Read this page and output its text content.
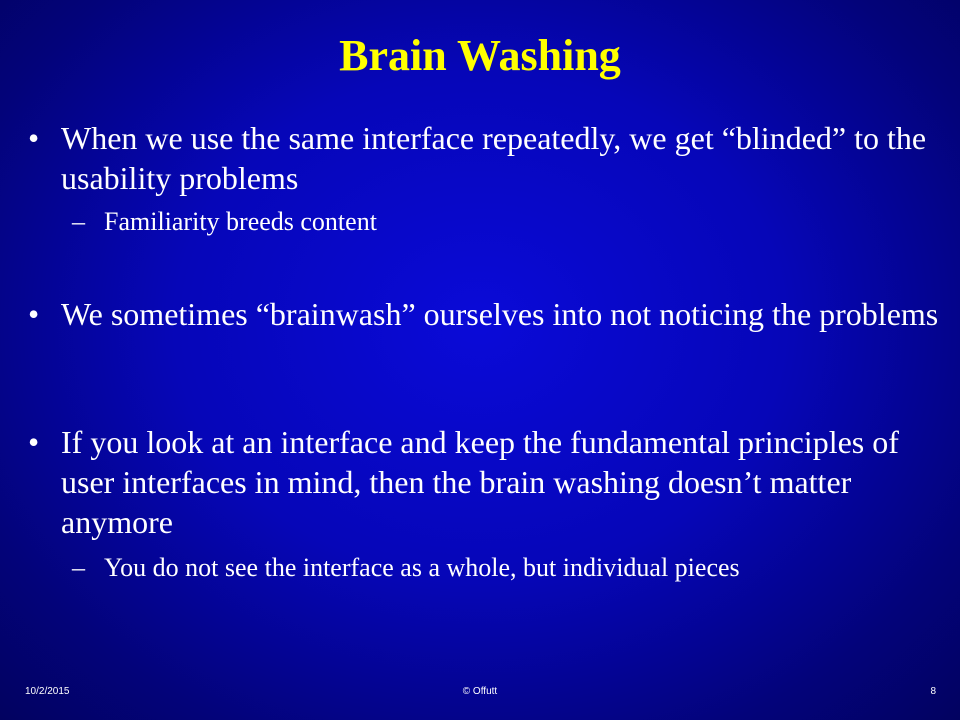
Brain Washing
• When we use the same interface repeatedly, we get “blinded” to the usability problems
– Familiarity breeds content
• We sometimes “brainwash” ourselves into not noticing the problems
• If you look at an interface and keep the fundamental principles of user interfaces in mind, then the brain washing doesn’t matter anymore
– You do not see the interface as a whole, but individual pieces
10/2/2015	© Offutt	8
